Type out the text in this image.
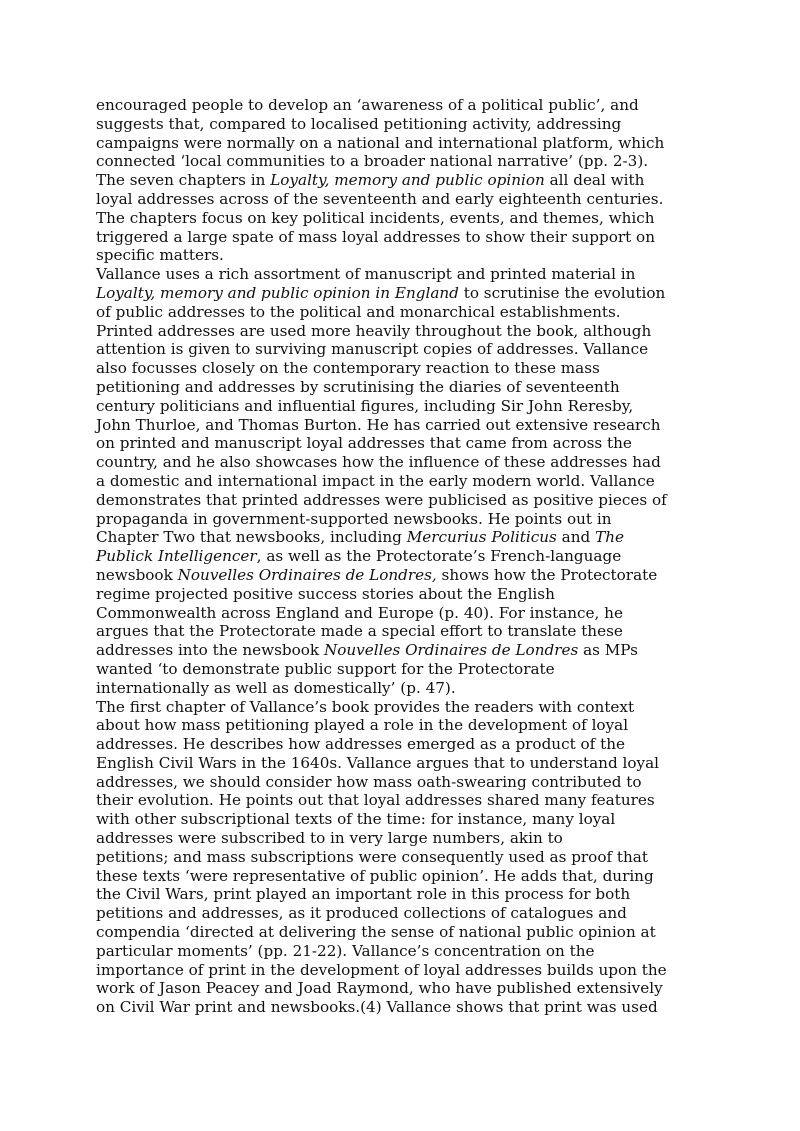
encouraged people to develop an ‘awareness of a political public’, and
suggests that, compared to localised petitioning activity, addressing
campaigns were normally on a national and international platform, which
connected ‘local communities to a broader national narrative’ (pp. 2-3).
The seven chapters in Loyalty, memory and public opinion all deal with
loyal addresses across of the seventeenth and early eighteenth centuries.
The chapters focus on key political incidents, events, and themes, which
triggered a large spate of mass loyal addresses to show their support on
specific matters.
Vallance uses a rich assortment of manuscript and printed material in
Loyalty, memory and public opinion in England to scrutinise the evolution
of public addresses to the political and monarchical establishments.
Printed addresses are used more heavily throughout the book, although
attention is given to surviving manuscript copies of addresses. Vallance
also focusses closely on the contemporary reaction to these mass
petitioning and addresses by scrutinising the diaries of seventeenth
century politicians and influential figures, including Sir John Reresby,
John Thurloe, and Thomas Burton. He has carried out extensive research
on printed and manuscript loyal addresses that came from across the
country, and he also showcases how the influence of these addresses had
a domestic and international impact in the early modern world. Vallance
demonstrates that printed addresses were publicised as positive pieces of
propaganda in government-supported newsbooks. He points out in
Chapter Two that newsbooks, including Mercurius Politicus and The
Publick Intelligencer, as well as the Protectorate’s French-language
newsbook Nouvelles Ordinaires de Londres, shows how the Protectorate
regime projected positive success stories about the English
Commonwealth across England and Europe (p. 40). For instance, he
argues that the Protectorate made a special effort to translate these
addresses into the newsbook Nouvelles Ordinaires de Londres as MPs
wanted ‘to demonstrate public support for the Protectorate
internationally as well as domestically’ (p. 47).
The first chapter of Vallance’s book provides the readers with context
about how mass petitioning played a role in the development of loyal
addresses. He describes how addresses emerged as a product of the
English Civil Wars in the 1640s. Vallance argues that to understand loyal
addresses, we should consider how mass oath-swearing contributed to
their evolution. He points out that loyal addresses shared many features
with other subscriptional texts of the time: for instance, many loyal
addresses were subscribed to in very large numbers, akin to
petitions; and mass subscriptions were consequently used as proof that
these texts ‘were representative of public opinion’. He adds that, during
the Civil Wars, print played an important role in this process for both
petitions and addresses, as it produced collections of catalogues and
compendia ‘directed at delivering the sense of national public opinion at
particular moments’ (pp. 21-22). Vallance’s concentration on the
importance of print in the development of loyal addresses builds upon the
work of Jason Peacey and Joad Raymond, who have published extensively
on Civil War print and newsbooks.(4) Vallance shows that print was used
